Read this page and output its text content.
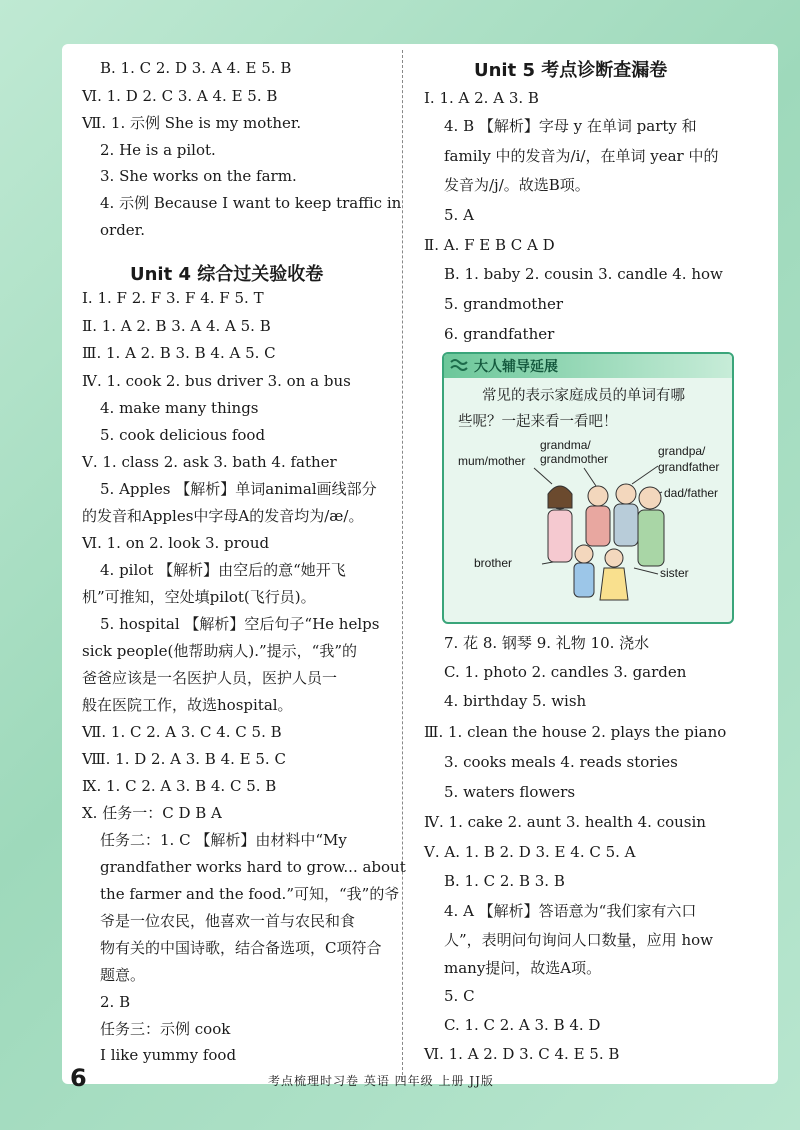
B. 1. C 2. D 3. A 4. E 5. B
Ⅵ. 1. D 2. C 3. A 4. E 5. B
Ⅶ. 1. 示例 She is my mother.
2. He is a pilot.
3. She works on the farm.
4. 示例 Because I want to keep traffic in
order.
Unit 4 综合过关验收卷
Ⅰ. 1. F 2. F 3. F 4. F 5. T
Ⅱ. 1. A 2. B 3. A 4. A 5. B
Ⅲ. 1. A 2. B 3. B 4. A 5. C
Ⅳ. 1. cook 2. bus driver 3. on a bus
4. make many things
5. cook delicious food
Ⅴ. 1. class 2. ask 3. bath 4. father
5. Apples 【解析】单词animal画线部分
的发音和Apples中字母A的发音均为/æ/。
Ⅵ. 1. on 2. look 3. proud
4. pilot 【解析】由空后的意“她开飞
机”可推知，空处填pilot(飞行员)。
5. hospital 【解析】空后句子“He helps
sick people(他帮助病人).”提示，“我”的
爸爸应该是一名医护人员，医护人员一
般在医院工作，故选hospital。
Ⅶ. 1. C 2. A 3. C 4. C 5. B
Ⅷ. 1. D 2. A 3. B 4. E 5. C
Ⅸ. 1. C 2. A 3. B 4. C 5. B
Ⅹ. 任务一：C D B A
任务二：1. C 【解析】由材料中“My
grandfather works hard to grow... about
the farmer and the food.”可知，“我”的爷
爷是一位农民，他喜欢一首与农民和食
物有关的中国诗歌，结合备选项，C项符合
题意。
2. B
任务三：示例 cook
I like yummy food
Unit 5 考点诊断查漏卷
Ⅰ. 1. A 2. A 3. B
4. B 【解析】字母 y 在单词 party 和
family 中的发音为/i/，在单词 year 中的
发音为/j/。故选B项。
5. A
Ⅱ. A. F E B C A D
B. 1. baby 2. cousin 3. candle 4. how
5. grandmother
6. grandfather
7. 花 8. 钢琴 9. 礼物 10. 浇水
C. 1. photo 2. candles 3. garden
4. birthday 5. wish
Ⅲ. 1. clean the house 2. plays the piano
3. cooks meals 4. reads stories
5. waters flowers
Ⅳ. 1. cake 2. aunt 3. health 4. cousin
Ⅴ. A. 1. B 2. D 3. E 4. C 5. A
B. 1. C 2. B 3. B
4. A 【解析】答语意为“我们家有六口
人”，表明问句询问人口数量，应用 how
many提问，故选A项。
5. C
C. 1. C 2. A 3. B 4. D
Ⅵ. 1. A 2. D 3. C 4. E 5. B
大人辅导延展
常见的表示家庭成员的单词有哪
些呢？一起来看一看吧！
mum/mother
grandma/
grandmother
grandpa/
grandfather
dad/father
brother
sister
6	考点梳理时习卷 英语 四年级 上册 JJ版
